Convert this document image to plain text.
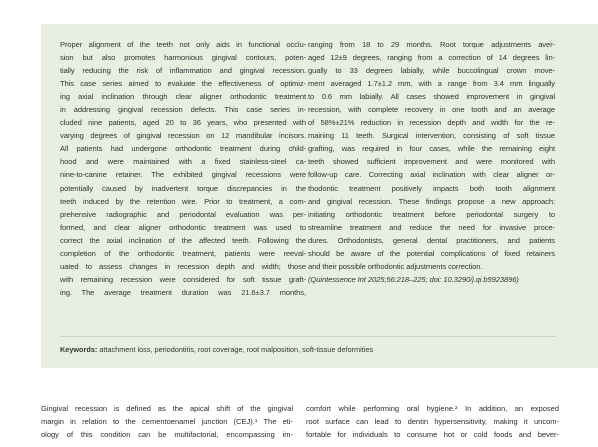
Proper alignment of the teeth not only aids in functional occlu-
sion but also promotes harmonious gingival contours, poten-
tially reducing the risk of inflammation and gingival recession.
This case series aimed to evaluate the effectiveness of optimiz-
ing axial inclination through clear aligner orthodontic treatment
in addressing gingival recession defects. This case series in-
cluded nine patients, aged 20 to 36 years, who presented with
varying degrees of gingival recession on 12 mandibular incisors.
All patients had undergone orthodontic treatment during child-
hood and were maintained with a fixed stainless-steel ca-
nine-to-canine retainer. The exhibited gingival recessions were
potentially caused by inadvertent torque discrepancies in the
teeth induced by the retention wire. Prior to treatment, a com-
prehensive radiographic and periodontal evaluation was per-
formed, and clear aligner orthodontic treatment was used to
correct the axial inclination of the affected teeth. Following the
completion of the orthodontic treatment, patients were reeval-
uated to assess changes in recession depth and width; those
with remaining recession were considered for soft tissue graft-
ing. The average treatment duration was 21.6±3.7 months,
ranging from 18 to 29 months. Root torque adjustments aver-
aged 12±9 degrees, ranging from a correction of 14 degrees lin-
gually to 33 degrees labially, while buccolingual crown move-
ment averaged 1.7±1.2 mm, with a range from 3.4 mm lingually
to 0.6 mm labially. All cases showed improvement in gingival
recession, with complete recovery in one tooth and an average
of 58%±21% reduction in recession depth and width for the re-
maining 11 teeth. Surgical intervention, consisting of soft tissue
grafting, was required in four cases, while the remaining eight
teeth showed sufficient improvement and were monitored with
follow-up care. Correcting axial inclination with clear aligner or-
thodontic treatment positively impacts both tooth alignment
and gingival recession. These findings propose a new approach:
initiating orthodontic treatment before periodontal surgery to
streamline treatment and reduce the need for invasive proce-
dures. Orthodontists, general dental practitioners, and patients
should be aware of the potential complications of fixed retainers
and their possible orthodontic adjustments correction.
(Quintessence Int 2025;56:218–225; doi: 10.3290/j.qi.b5923896)
Keywords: attachment loss, periodontitis, root coverage, root malposition, soft-tissue deformities
Gingival recession is defined as the apical shift of the gingival
margin in relation to the cementoenamel junction (CEJ).¹ The eti-
ology of this condition can be multifactorial, encompassing im-
comfort while performing oral hygiene.² In addition, an exposed
root surface can lead to dentin hypersensitivity, making it uncom-
fortable for individuals to consume hot or cold foods and bever-
